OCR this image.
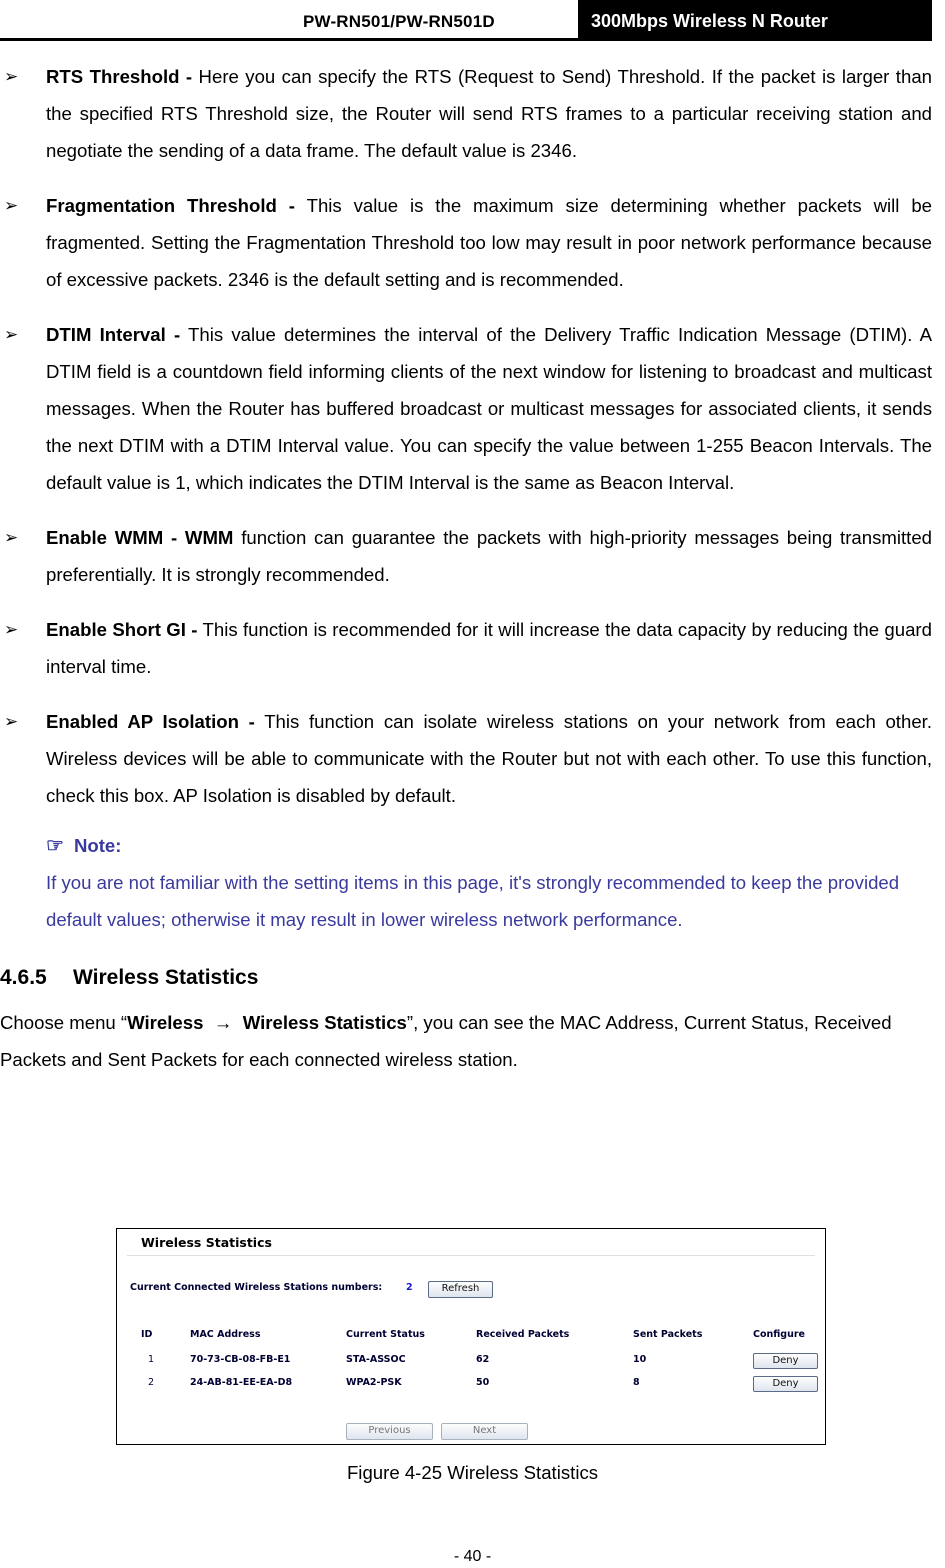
PW-RN501/PW-RN501D	300Mbps Wireless N Router
➢ RTS Threshold - Here you can specify the RTS (Request to Send) Threshold. If the packet is larger than the specified RTS Threshold size, the Router will send RTS frames to a particular receiving station and negotiate the sending of a data frame. The default value is 2346.

➢ Fragmentation Threshold - This value is the maximum size determining whether packets will be fragmented. Setting the Fragmentation Threshold too low may result in poor network performance because of excessive packets. 2346 is the default setting and is recommended.

➢ DTIM Interval - This value determines the interval of the Delivery Traffic Indication Message (DTIM). A DTIM field is a countdown field informing clients of the next window for listening to broadcast and multicast messages. When the Router has buffered broadcast or multicast messages for associated clients, it sends the next DTIM with a DTIM Interval value. You can specify the value between 1-255 Beacon Intervals. The default value is 1, which indicates the DTIM Interval is the same as Beacon Interval.

➢ Enable WMM - WMM function can guarantee the packets with high-priority messages being transmitted preferentially. It is strongly recommended.

➢ Enable Short GI - This function is recommended for it will increase the data capacity by reducing the guard interval time.

➢ Enabled AP Isolation - This function can isolate wireless stations on your network from each other. Wireless devices will be able to communicate with the Router but not with each other. To use this function, check this box. AP Isolation is disabled by default.

☞ Note:

If you are not familiar with the setting items in this page, it's strongly recommended to keep the provided default values; otherwise it may result in lower wireless network performance.

4.6.5 Wireless Statistics

Choose menu “Wireless → Wireless Statistics”, you can see the MAC Address, Current Status, Received Packets and Sent Packets for each connected wireless station.

Wireless Statistics
Current Connected Wireless Stations numbers:	2	Refresh
ID	MAC Address	Current Status	Received Packets	Sent Packets	Configure
1	70-73-CB-08-FB-E1	STA-ASSOC	62	10	Deny
2	24-AB-81-EE-EA-D8	WPA2-PSK	50	8	Deny
Previous	Next
Figure 4-25 Wireless Statistics
- 40 -
